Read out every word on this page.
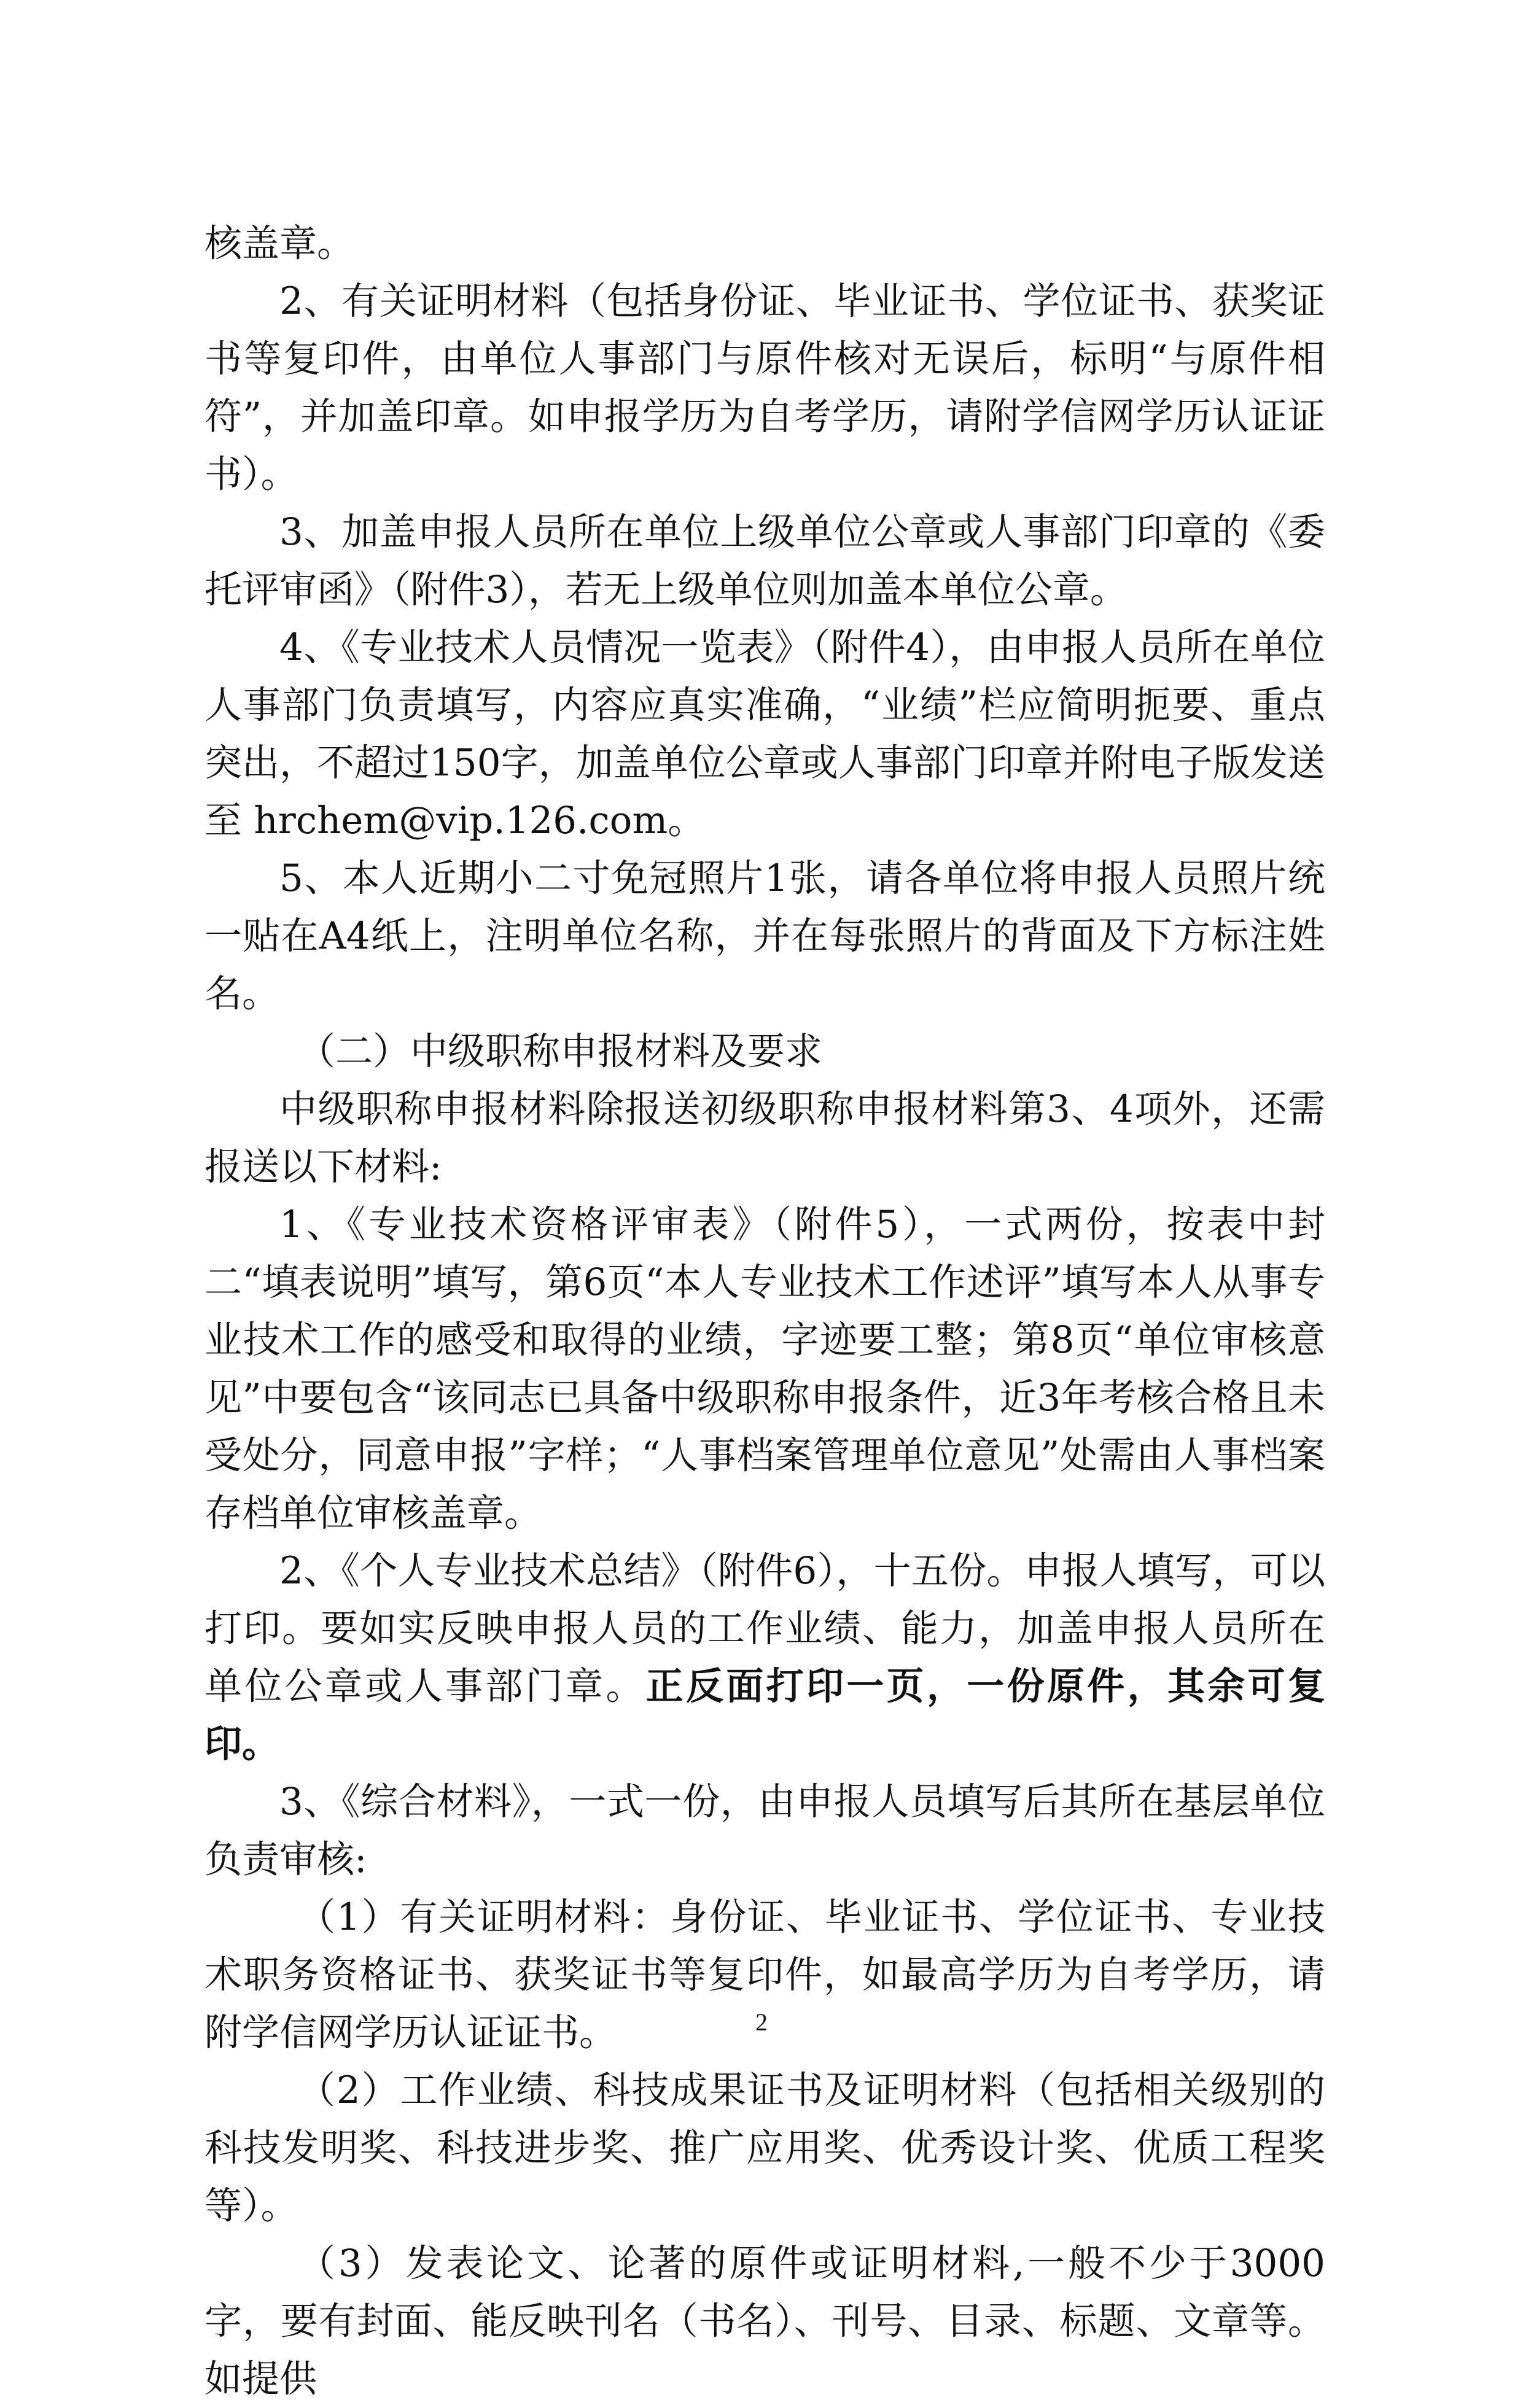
核盖章。

2、有关证明材料（包括身份证、毕业证书、学位证书、获奖证书等复印件，由单位人事部门与原件核对无误后，标明“与原件相符”，并加盖印章。如申报学历为自考学历，请附学信网学历认证证书）。

3、加盖申报人员所在单位上级单位公章或人事部门印章的《委托评审函》（附件3），若无上级单位则加盖本单位公章。

4、《专业技术人员情况一览表》（附件4），由申报人员所在单位人事部门负责填写，内容应真实准确，“业绩”栏应简明扼要、重点突出，不超过150字，加盖单位公章或人事部门印章并附电子版发送至 hrchem@vip.126.com。

5、本人近期小二寸免冠照片1张，请各单位将申报人员照片统一贴在A4纸上，注明单位名称，并在每张照片的背面及下方标注姓名。

（二）中级职称申报材料及要求

中级职称申报材料除报送初级职称申报材料第3、4项外，还需报送以下材料:

1、《专业技术资格评审表》（附件5），一式两份，按表中封二“填表说明”填写，第6页“本人专业技术工作述评”填写本人从事专业技术工作的感受和取得的业绩，字迹要工整；第8页“单位审核意见”中要包含“该同志已具备中级职称申报条件，近3年考核合格且未受处分，同意申报”字样；“人事档案管理单位意见”处需由人事档案存档单位审核盖章。

2、《个人专业技术总结》（附件6），十五份。申报人填写，可以打印。要如实反映申报人员的工作业绩、能力，加盖申报人员所在单位公章或人事部门章。正反面打印一页，一份原件，其余可复印。

3、《综合材料》，一式一份，由申报人员填写后其所在基层单位负责审核:

（1）有关证明材料：身份证、毕业证书、学位证书、专业技术职务资格证书、获奖证书等复印件，如最高学历为自考学历，请附学信网学历认证证书。

（2）工作业绩、科技成果证书及证明材料（包括相关级别的科技发明奖、科技进步奖、推广应用奖、优秀设计奖、优质工程奖等）。

（3）发表论文、论著的原件或证明材料,一般不少于3000字，要有封面、能反映刊名（书名）、刊号、目录、标题、文章等。如提供

2
